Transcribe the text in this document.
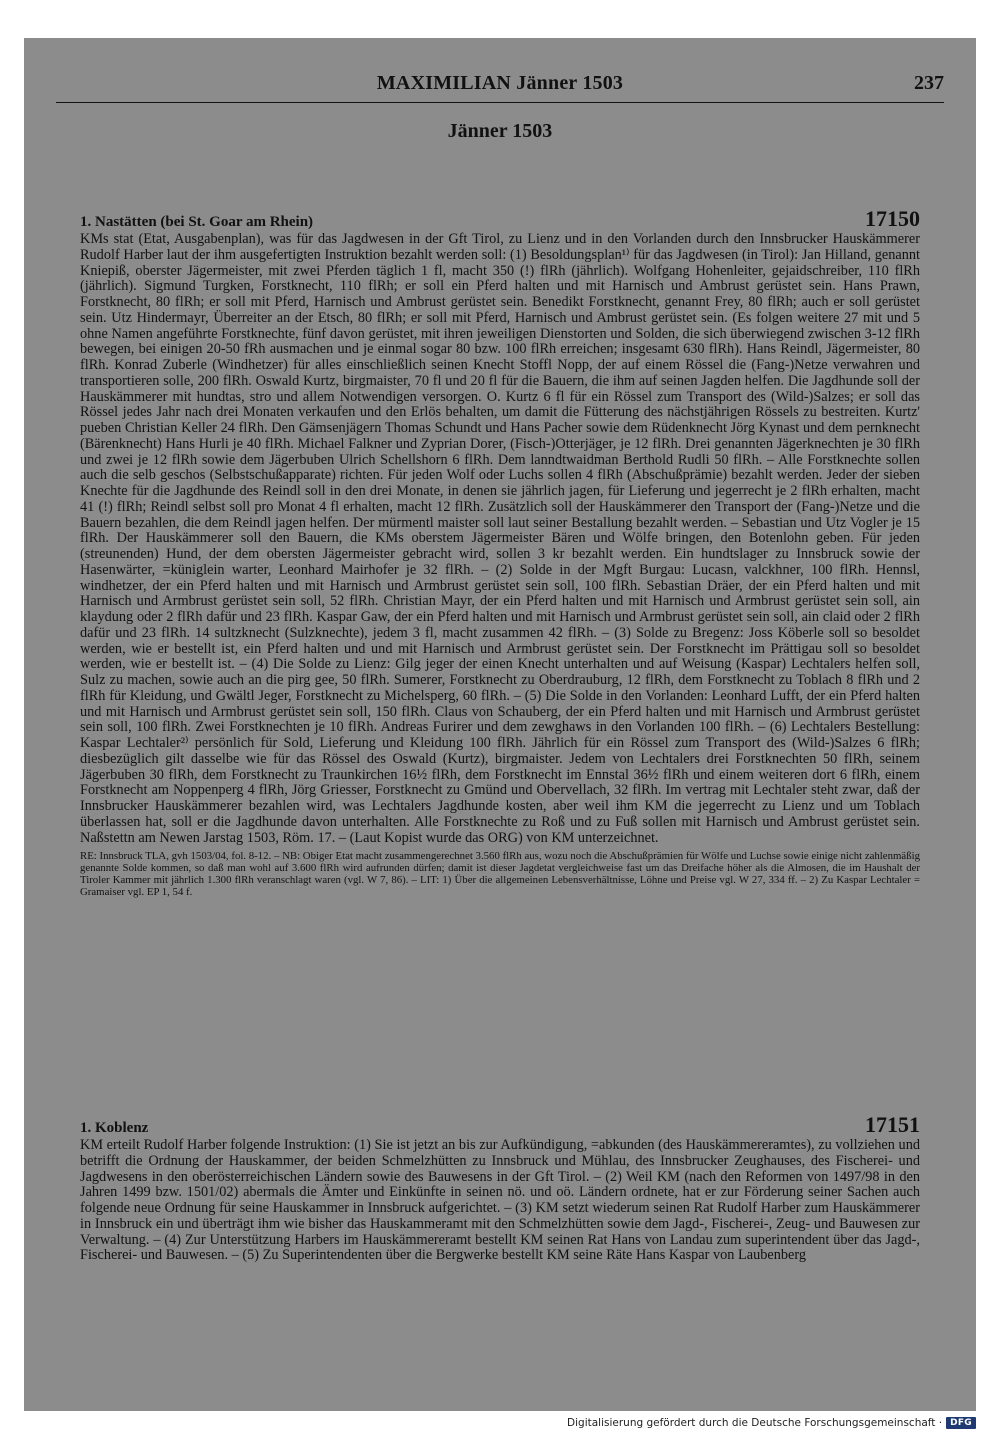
MAXIMILIAN Jänner 1503	237
Jänner 1503
1. Nastätten (bei St. Goar am Rhein)	17150

KMs stat (Etat, Ausgabenplan), was für das Jagdwesen in der Gft Tirol, zu Lienz und in den Vorlanden durch den Innsbrucker Hauskämmerer Rudolf Harber laut der ihm ausgefertigten Instruktion bezahlt werden soll: (1) Besoldungsplan¹⁾ für das Jagdwesen (in Tirol): Jan Hilland, genannt Kniepiß, oberster Jägermeister, mit zwei Pferden täglich 1 fl, macht 350 (!) flRh (jährlich). Wolfgang Hohenleiter, gejaidschreiber, 110 flRh (jährlich). Sigmund Turgken, Forstknecht, 110 flRh; er soll ein Pferd halten und mit Harnisch und Ambrust gerüstet sein. Hans Prawn, Forstknecht, 80 flRh; er soll mit Pferd, Harnisch und Ambrust gerüstet sein. Benedikt Forstknecht, genannt Frey, 80 flRh; auch er soll gerüstet sein. Utz Hindermayr, Überreiter an der Etsch, 80 flRh; er soll mit Pferd, Harnisch und Ambrust gerüstet sein. (Es folgen weitere 27 mit und 5 ohne Namen angeführte Forstknechte, fünf davon gerüstet, mit ihren jeweiligen Dienstorten und Solden, die sich überwiegend zwischen 3-12 flRh bewegen, bei einigen 20-50 fRh ausmachen und je einmal sogar 80 bzw. 100 flRh erreichen; insgesamt 630 flRh). Hans Reindl, Jägermeister, 80 flRh. Konrad Zuberle (Windhetzer) für alles einschließlich seinen Knecht Stoffl Nopp, der auf einem Rössel die (Fang-)Netze verwahren und transportieren solle, 200 flRh. Oswald Kurtz, birgmaister, 70 fl und 20 fl für die Bauern, die ihm auf seinen Jagden helfen. Die Jagdhunde soll der Hauskämmerer mit hundtas, stro und allem Notwendigen versorgen. O. Kurtz 6 fl für ein Rössel zum Transport des (Wild-)Salzes; er soll das Rössel jedes Jahr nach drei Monaten verkaufen und den Erlös behalten, um damit die Fütterung des nächstjährigen Rössels zu bestreiten. Kurtz' pueben Christian Keller 24 flRh. Den Gämsenjägern Thomas Schundt und Hans Pacher sowie dem Rüdenknecht Jörg Kynast und dem pernknecht (Bärenknecht) Hans Hurli je 40 flRh. Michael Falkner und Zyprian Dorer, (Fisch-)Otterjäger, je 12 flRh. Drei genannten Jägerknechten je 30 flRh und zwei je 12 flRh sowie dem Jägerbuben Ulrich Schellshorn 6 flRh. Dem lanndtwaidman Berthold Rudli 50 flRh. – Alle Forstknechte sollen auch die selb geschos (Selbstschußapparate) richten. Für jeden Wolf oder Luchs sollen 4 flRh (Abschußprämie) bezahlt werden. Jeder der sieben Knechte für die Jagdhunde des Reindl soll in den drei Monate, in denen sie jährlich jagen, für Lieferung und jegerrecht je 2 flRh erhalten, macht 41 (!) flRh; Reindl selbst soll pro Monat 4 fl erhalten, macht 12 flRh. Zusätzlich soll der Hauskämmerer den Transport der (Fang-)Netze und die Bauern bezahlen, die dem Reindl jagen helfen. Der mürmentl maister soll laut seiner Bestallung bezahlt werden. – Sebastian und Utz Vogler je 15 flRh. Der Hauskämmerer soll den Bauern, die KMs oberstem Jägermeister Bären und Wölfe bringen, den Botenlohn geben. Für jeden (streunenden) Hund, der dem obersten Jägermeister gebracht wird, sollen 3 kr bezahlt werden. Ein hundtslager zu Innsbruck sowie der Hasenwärter, =küniglein warter, Leonhard Mairhofer je 32 flRh. – (2) Solde in der Mgft Burgau: Lucasn, valckhner, 100 flRh. Hennsl, windhetzer, der ein Pferd halten und mit Harnisch und Armbrust gerüstet sein soll, 100 flRh. Sebastian Dräer, der ein Pferd halten und mit Harnisch und Armbrust gerüstet sein soll, 52 flRh. Christian Mayr, der ein Pferd halten und mit Harnisch und Armbrust gerüstet sein soll, ain klaydung oder 2 flRh dafür und 23 flRh. Kaspar Gaw, der ein Pferd halten und mit Harnisch und Armbrust gerüstet sein soll, ain claid oder 2 flRh dafür und 23 flRh. 14 sultzknecht (Sulzknechte), jedem 3 fl, macht zusammen 42 flRh. – (3) Solde zu Bregenz: Joss Köberle soll so besoldet werden, wie er bestellt ist, ein Pferd halten und und mit Harnisch und Armbrust gerüstet sein. Der Forstknecht im Prättigau soll so besoldet werden, wie er bestellt ist. – (4) Die Solde zu Lienz: Gilg jeger der einen Knecht unterhalten und auf Weisung (Kaspar) Lechtalers helfen soll, Sulz zu machen, sowie auch an die pirg gee, 50 flRh. Sumerer, Forstknecht zu Oberdrauburg, 12 flRh, dem Forstknecht zu Toblach 8 flRh und 2 flRh für Kleidung, und Gwältl Jeger, Forstknecht zu Michelsperg, 60 flRh. – (5) Die Solde in den Vorlanden: Leonhard Lufft, der ein Pferd halten und mit Harnisch und Armbrust gerüstet sein soll, 150 flRh. Claus von Schauberg, der ein Pferd halten und mit Harnisch und Armbrust gerüstet sein soll, 100 flRh. Zwei Forstknechten je 10 flRh. Andreas Furirer und dem zewghaws in den Vorlanden 100 flRh. – (6) Lechtalers Bestellung: Kaspar Lechtaler²⁾ persönlich für Sold, Lieferung und Kleidung 100 flRh. Jährlich für ein Rössel zum Transport des (Wild-)Salzes 6 flRh; diesbezüglich gilt dasselbe wie für das Rössel des Oswald (Kurtz), birgmaister. Jedem von Lechtalers drei Forstknechten 50 flRh, seinem Jägerbuben 30 flRh, dem Forstknecht zu Traunkirchen 16½ flRh, dem Forstknecht im Ennstal 36½ flRh und einem weiteren dort 6 flRh, einem Forstknecht am Noppenperg 4 flRh, Jörg Griesser, Forstknecht zu Gmünd und Obervellach, 32 flRh. Im vertrag mit Lechtaler steht zwar, daß der Innsbrucker Hauskämmerer bezahlen wird, was Lechtalers Jagdhunde kosten, aber weil ihm KM die jegerrecht zu Lienz und um Toblach überlassen hat, soll er die Jagdhunde davon unterhalten. Alle Forstknechte zu Roß und zu Fuß sollen mit Harnisch und Ambrust gerüstet sein. Naßstettn am Newen Jarstag 1503, Röm. 17. – (Laut Kopist wurde das ORG) von KM unterzeichnet.

RE: Innsbruck TLA, gvh 1503/04, fol. 8-12. – NB: Obiger Etat macht zusammengerechnet 3.560 flRh aus, wozu noch die Abschußprämien für Wölfe und Luchse sowie einige nicht zahlenmäßig genannte Solde kommen, so daß man wohl auf 3.600 flRh wird aufrunden dürfen; damit ist dieser Jagdetat vergleichweise fast um das Dreifache höher als die Almosen, die im Haushalt der Tiroler Kammer mit jährlich 1.300 flRh veranschlagt waren (vgl. W 7, 86). – LIT: 1) Über die allgemeinen Lebensverhältnisse, Löhne und Preise vgl. W 27, 334 ff. – 2) Zu Kaspar Lechtaler = Gramaiser vgl. EP 1, 54 f.

1. Koblenz	17151

KM erteilt Rudolf Harber folgende Instruktion: (1) Sie ist jetzt an bis zur Aufkündigung, =abkunden (des Hauskämmereramtes), zu vollziehen und betrifft die Ordnung der Hauskammer, der beiden Schmelzhütten zu Innsbruck und Mühlau, des Innsbrucker Zeughauses, des Fischerei- und Jagdwesens in den oberösterreichischen Ländern sowie des Bauwesens in der Gft Tirol. – (2) Weil KM (nach den Reformen von 1497/98 in den Jahren 1499 bzw. 1501/02) abermals die Ämter und Einkünfte in seinen nö. und oö. Ländern ordnete, hat er zur Förderung seiner Sachen auch folgende neue Ordnung für seine Hauskammer in Innsbruck aufgerichtet. – (3) KM setzt wiederum seinen Rat Rudolf Harber zum Hauskämmerer in Innsbruck ein und überträgt ihm wie bisher das Hauskammeramt mit den Schmelzhütten sowie dem Jagd-, Fischerei-, Zeug- und Bauwesen zur Verwaltung. – (4) Zur Unterstützung Harbers im Hauskämmereramt bestellt KM seinen Rat Hans von Landau zum superintendent über das Jagd-, Fischerei- und Bauwesen. – (5) Zu Superintendenten über die Bergwerke bestellt KM seine Räte Hans Kaspar von Laubenberg

Digitalisierung gefördert durch die Deutsche Forschungsgemeinschaft · DFG
